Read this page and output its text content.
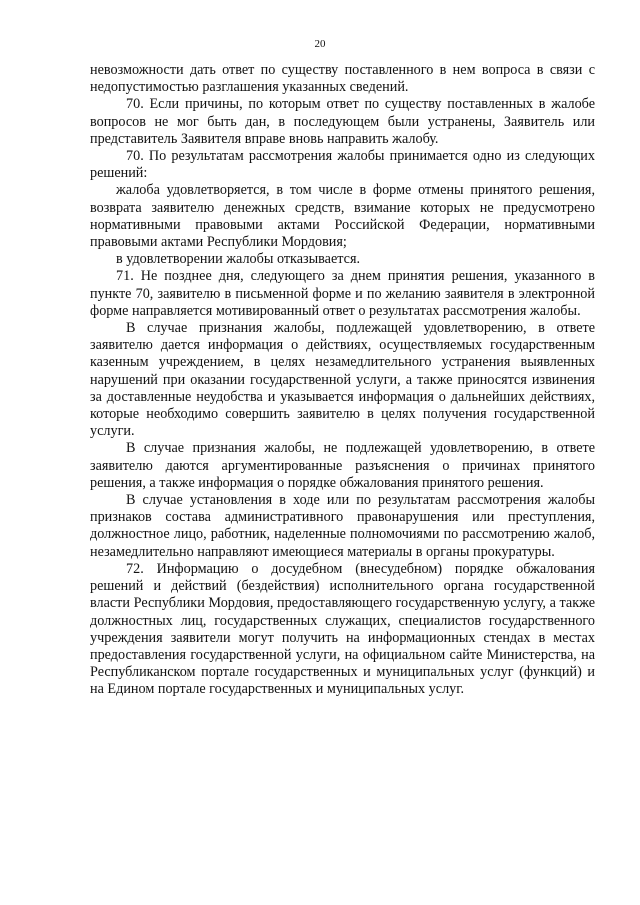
20

невозможности дать ответ по существу поставленного в нем вопроса в связи с недопустимостью разглашения указанных сведений.

70. Если причины, по которым ответ по существу поставленных в жалобе вопросов не мог быть дан, в последующем были устранены, Заявитель или представитель Заявителя вправе вновь направить жалобу.

70. По результатам рассмотрения жалобы принимается одно из следующих решений:

жалоба удовлетворяется, в том числе в форме отмены принятого решения, возврата заявителю денежных средств, взимание которых не предусмотрено нормативными правовыми актами Российской Федерации, нормативными правовыми актами Республики Мордовия;

в удовлетворении жалобы отказывается.

71. Не позднее дня, следующего за днем принятия решения, указанного в пункте 70, заявителю в письменной форме и по желанию заявителя в электронной форме направляется мотивированный ответ о результатах рассмотрения жалобы.

В случае признания жалобы, подлежащей удовлетворению, в ответе заявителю дается информация о действиях, осуществляемых государственным казенным учреждением, в целях незамедлительного устранения выявленных нарушений при оказании государственной услуги, а также приносятся извинения за доставленные неудобства и указывается информация о дальнейших действиях, которые необходимо совершить заявителю в целях получения государственной услуги.

В случае признания жалобы, не подлежащей удовлетворению, в ответе заявителю даются аргументированные разъяснения о причинах принятого решения, а также информация о порядке обжалования принятого решения.

В случае установления в ходе или по результатам рассмотрения жалобы признаков состава административного правонарушения или преступления, должностное лицо, работник, наделенные полномочиями по рассмотрению жалоб, незамедлительно направляют имеющиеся материалы в органы прокуратуры.

72. Информацию о досудебном (внесудебном) порядке обжалования решений и действий (бездействия) исполнительного органа государственной власти Республики Мордовия, предоставляющего государственную услугу, а также должностных лиц, государственных служащих, специалистов государственного учреждения заявители могут получить на информационных стендах в местах предоставления государственной услуги, на официальном сайте Министерства, на Республиканском портале государственных и муниципальных услуг (функций) и на Едином портале государственных и муниципальных услуг.
